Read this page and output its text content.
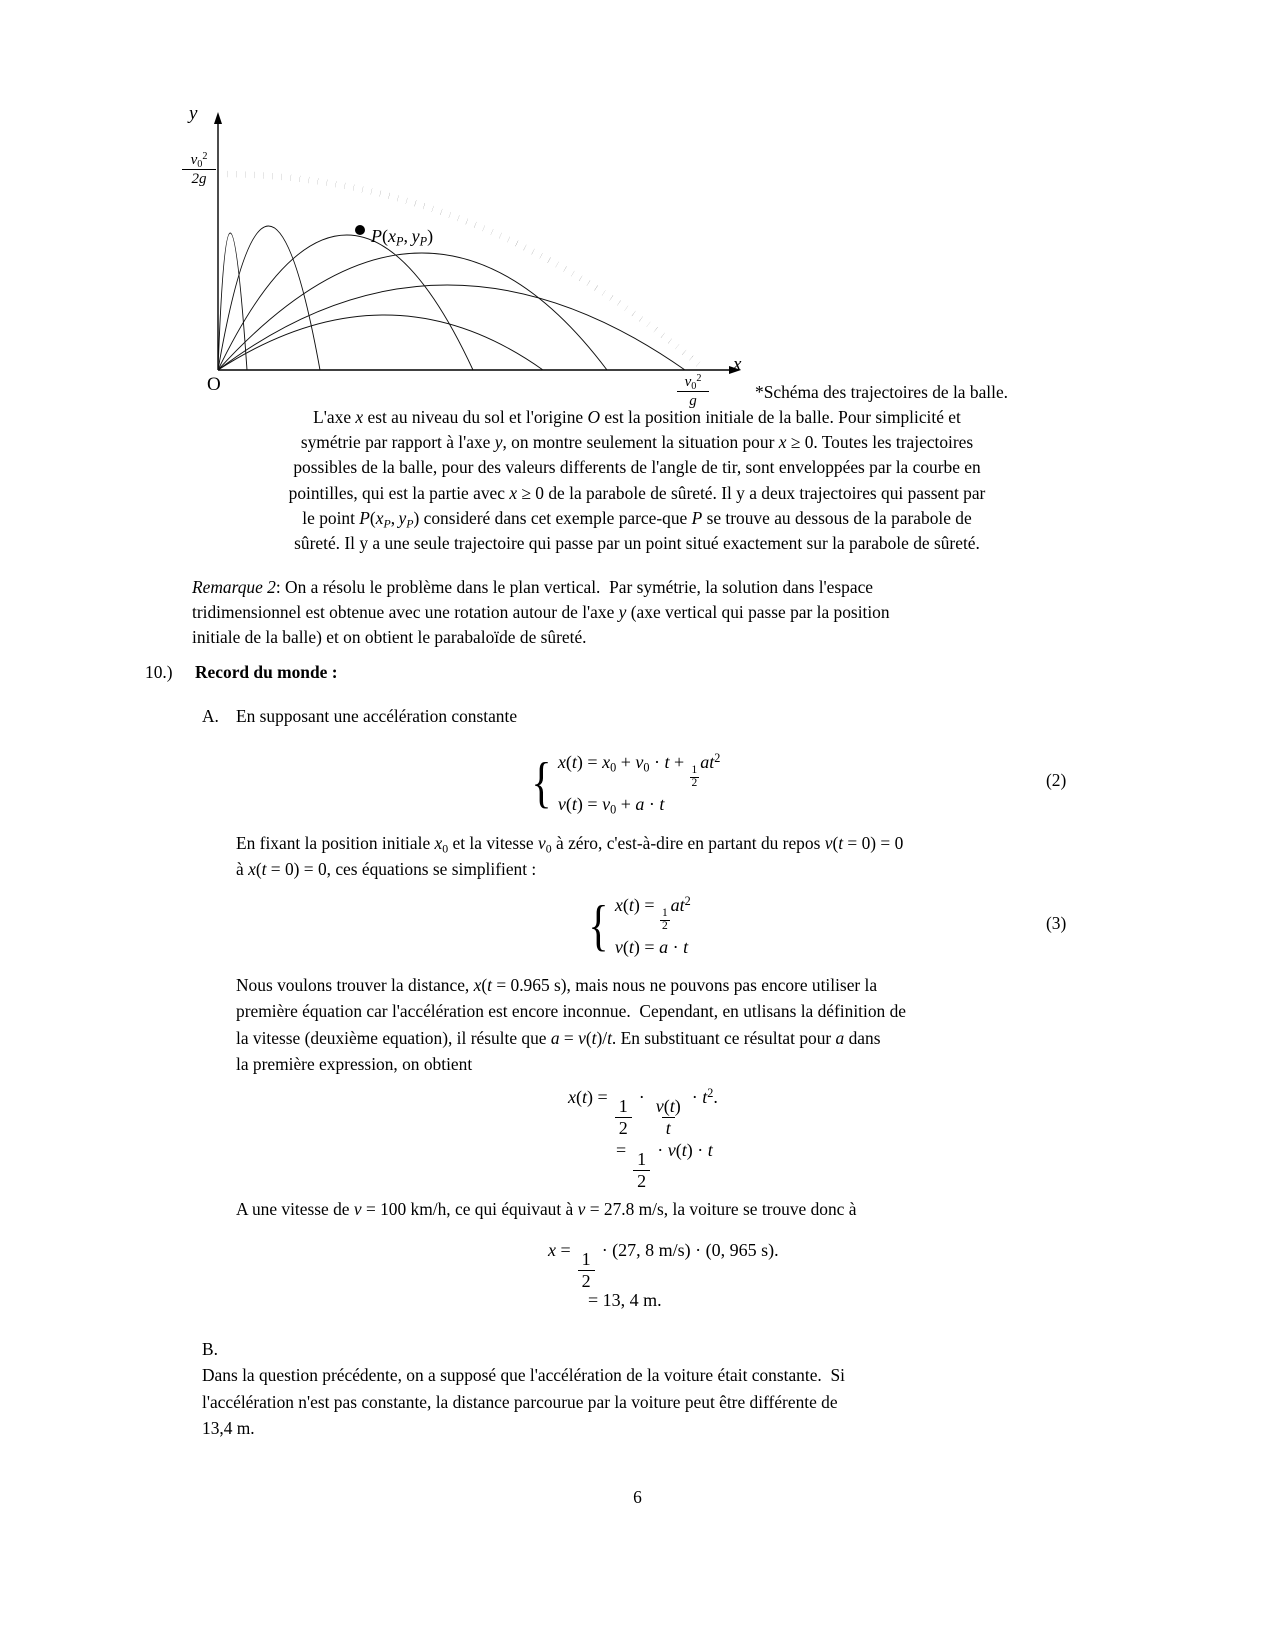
y
x
O
$\frac{v_0^2}{2g}$
$\frac{v_0^2}{g}$
$P(x_P$,  $y_P$)
*Schéma des trajectoires de la balle.
L'axe x est au niveau du sol et l'origine O est la position initiale de la balle. Pour simplicité et
symétrie par rapport à l'axe y, on montre seulement la situation pour x ≥ 0. Toutes les trajectoires
possibles de la balle, pour des valeurs differents de l'angle de tir, sont enveloppées par la courbe en
pointilles, qui est la partie avec x ≥ 0 de la parabole de sûreté. Il y a deux trajectoires qui passent par
le point $P(x_P$, $y_P$) consideré dans cet exemple parce-que P se trouve au dessous de la parabole de
sûreté. Il y a une seule trajectoire qui passe par un point situé exactement sur la parabole de sûreté.
Remarque 2: On a résolu le problème dans le plan vertical.  Par symétrie, la solution dans l'espace
tridimensionnel est obtenue avec une rotation autour de l'axe y (axe vertical qui passe par la position
initiale de la balle) et on obtient le parabaloïde de sûreté.
10.) Record du monde :
A. En supposant une accélération constante
{ $x(t) = x_0 + v_0 \cdot t$ +
$\frac{1}{2}$
$at^2$
$v(t) = v_0 + a \cdot t$
(2)
En fixant la position initiale $x_0$ et la vitesse $v_0$ à zéro, c'est-à-dire en partant du repos v(t = 0) = 0
à x(t = 0) = 0, ces équations se simplifient :
{ x(t) =
$\frac{1}{2}$
$at^2$
v(t) = a · t
(3)
Nous voulons trouver la distance, x(t = 0.965 s), mais nous ne pouvons pas encore utiliser la
première équation car l'accélération est encore inconnue.  Cependant, en utlisans la définition de
la vitesse (deuxième equation), il résulte que a = v(t)/t. En substituant ce résultat pour a dans
la première expression, on obtient
$x(t) = \frac{1}{2} \cdot \frac{v(t)}{t} \cdot t^2$.
= $\frac{1}{2} \cdot v(t) \cdot t$
A une vitesse de v = 100 km/h, ce qui équivaut à v = 27.8 m/s, la voiture se trouve donc à
$x = \frac{1}{2} \cdot (27$, 8 m/s) · (0, 965 s).
= 13, 4 m.
B.
Dans la question précédente, on a supposé que l'accélération de la voiture était constante.  Si
l'accélération n'est pas constante, la distance parcourue par la voiture peut être différente de
13,4 m.
6
